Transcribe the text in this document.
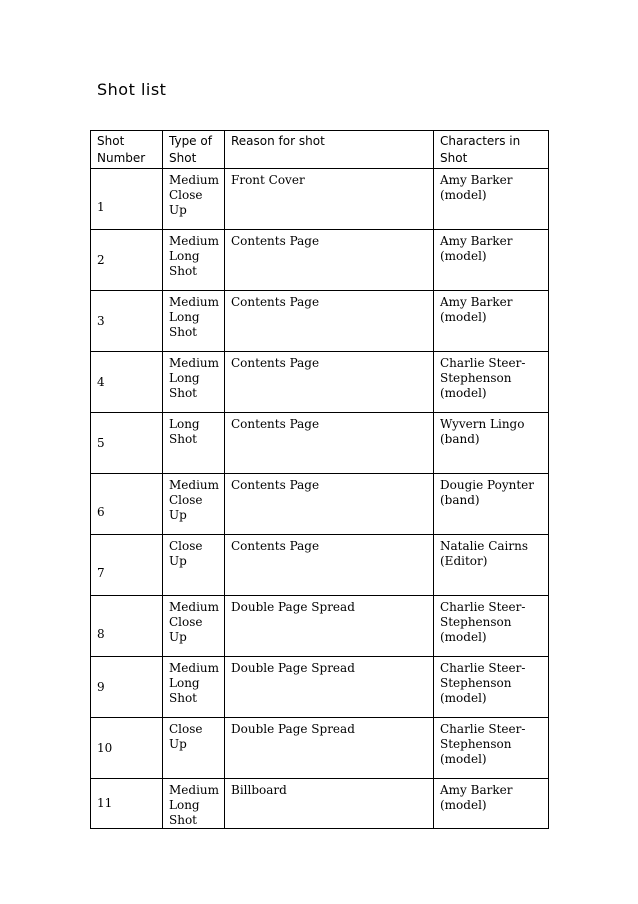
Shot list
Shot Number	Type of Shot	Reason for shot	Characters in Shot
1	Medium Close Up	Front Cover	Amy Barker (model)
2	Medium Long Shot	Contents Page	Amy Barker (model)
3	Medium Long Shot	Contents Page	Amy Barker (model)
4	Medium Long Shot	Contents Page	Charlie Steer-Stephenson (model)
5	Long Shot	Contents Page	Wyvern Lingo (band)
6	Medium Close Up	Contents Page	Dougie Poynter (band)
7	Close Up	Contents Page	Natalie Cairns (Editor)
8	Medium Close Up	Double Page Spread	Charlie Steer-Stephenson (model)
9	Medium Long Shot	Double Page Spread	Charlie Steer-Stephenson (model)
10	Close Up	Double Page Spread	Charlie Steer-Stephenson (model)
11	Medium Long Shot	Billboard	Amy Barker (model)
